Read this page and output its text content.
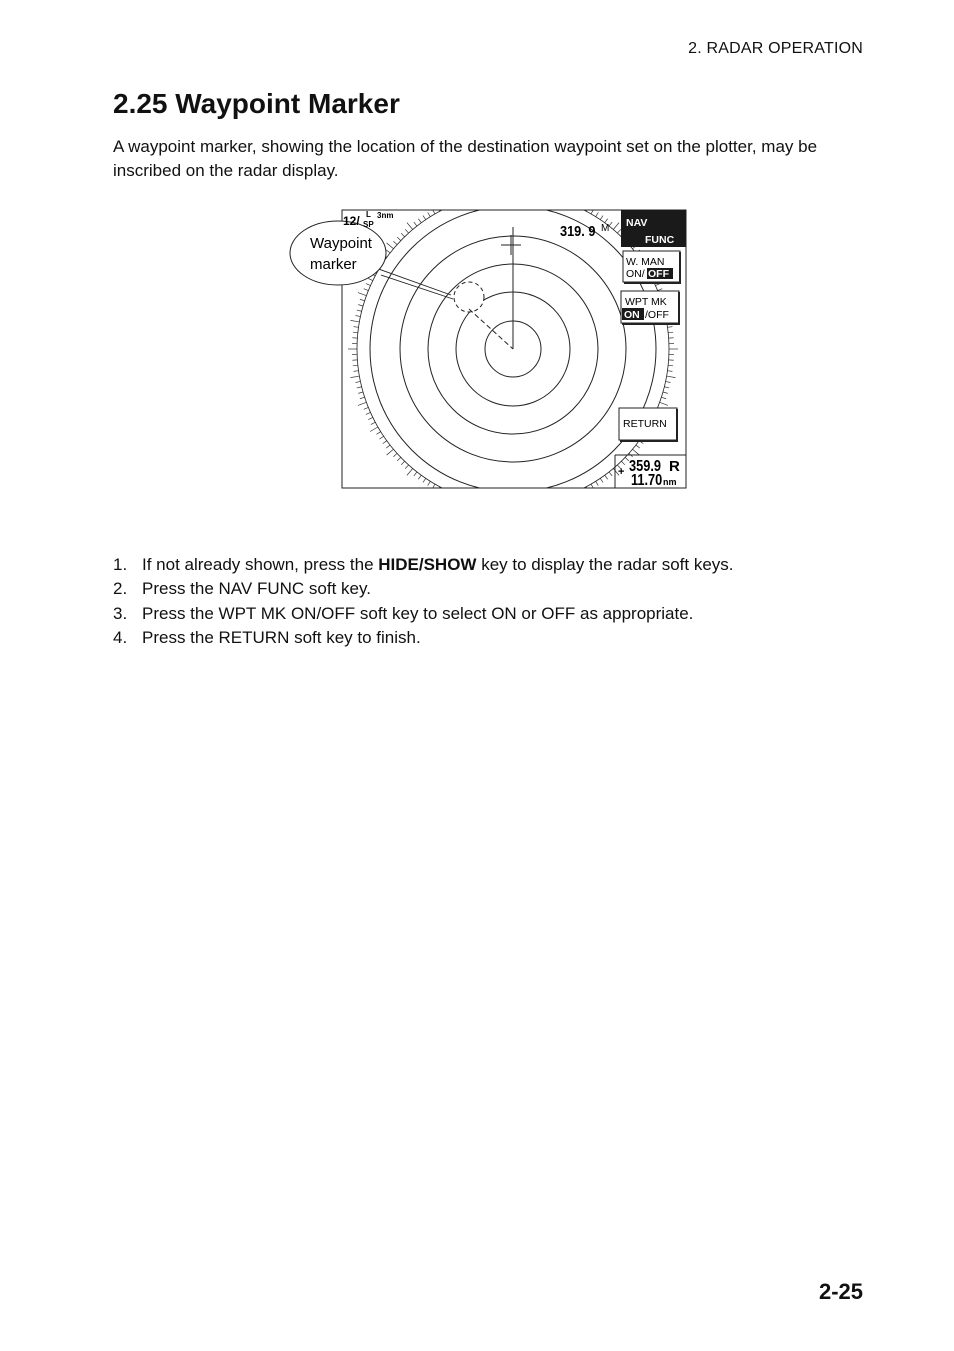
2. RADAR OPERATION
2.25 Waypoint Marker

A waypoint marker, showing the location of the destination waypoint set on the plotter, may be inscribed on the radar display.

Waypoint
marker
12/ L 3nm
SP	319. 9 M NAV
FUNC
W. MAN
ON/ OFF
WPT MK
ON /OFF
RETURN
+ 359.9 R
11.70 nm
1. If not already shown, press the HIDE/SHOW key to display the radar soft keys.
2. Press the NAV FUNC soft key.
3. Press the WPT MK ON/OFF soft key to select ON or OFF as appropriate.
4. Press the RETURN soft key to finish.
2-25
